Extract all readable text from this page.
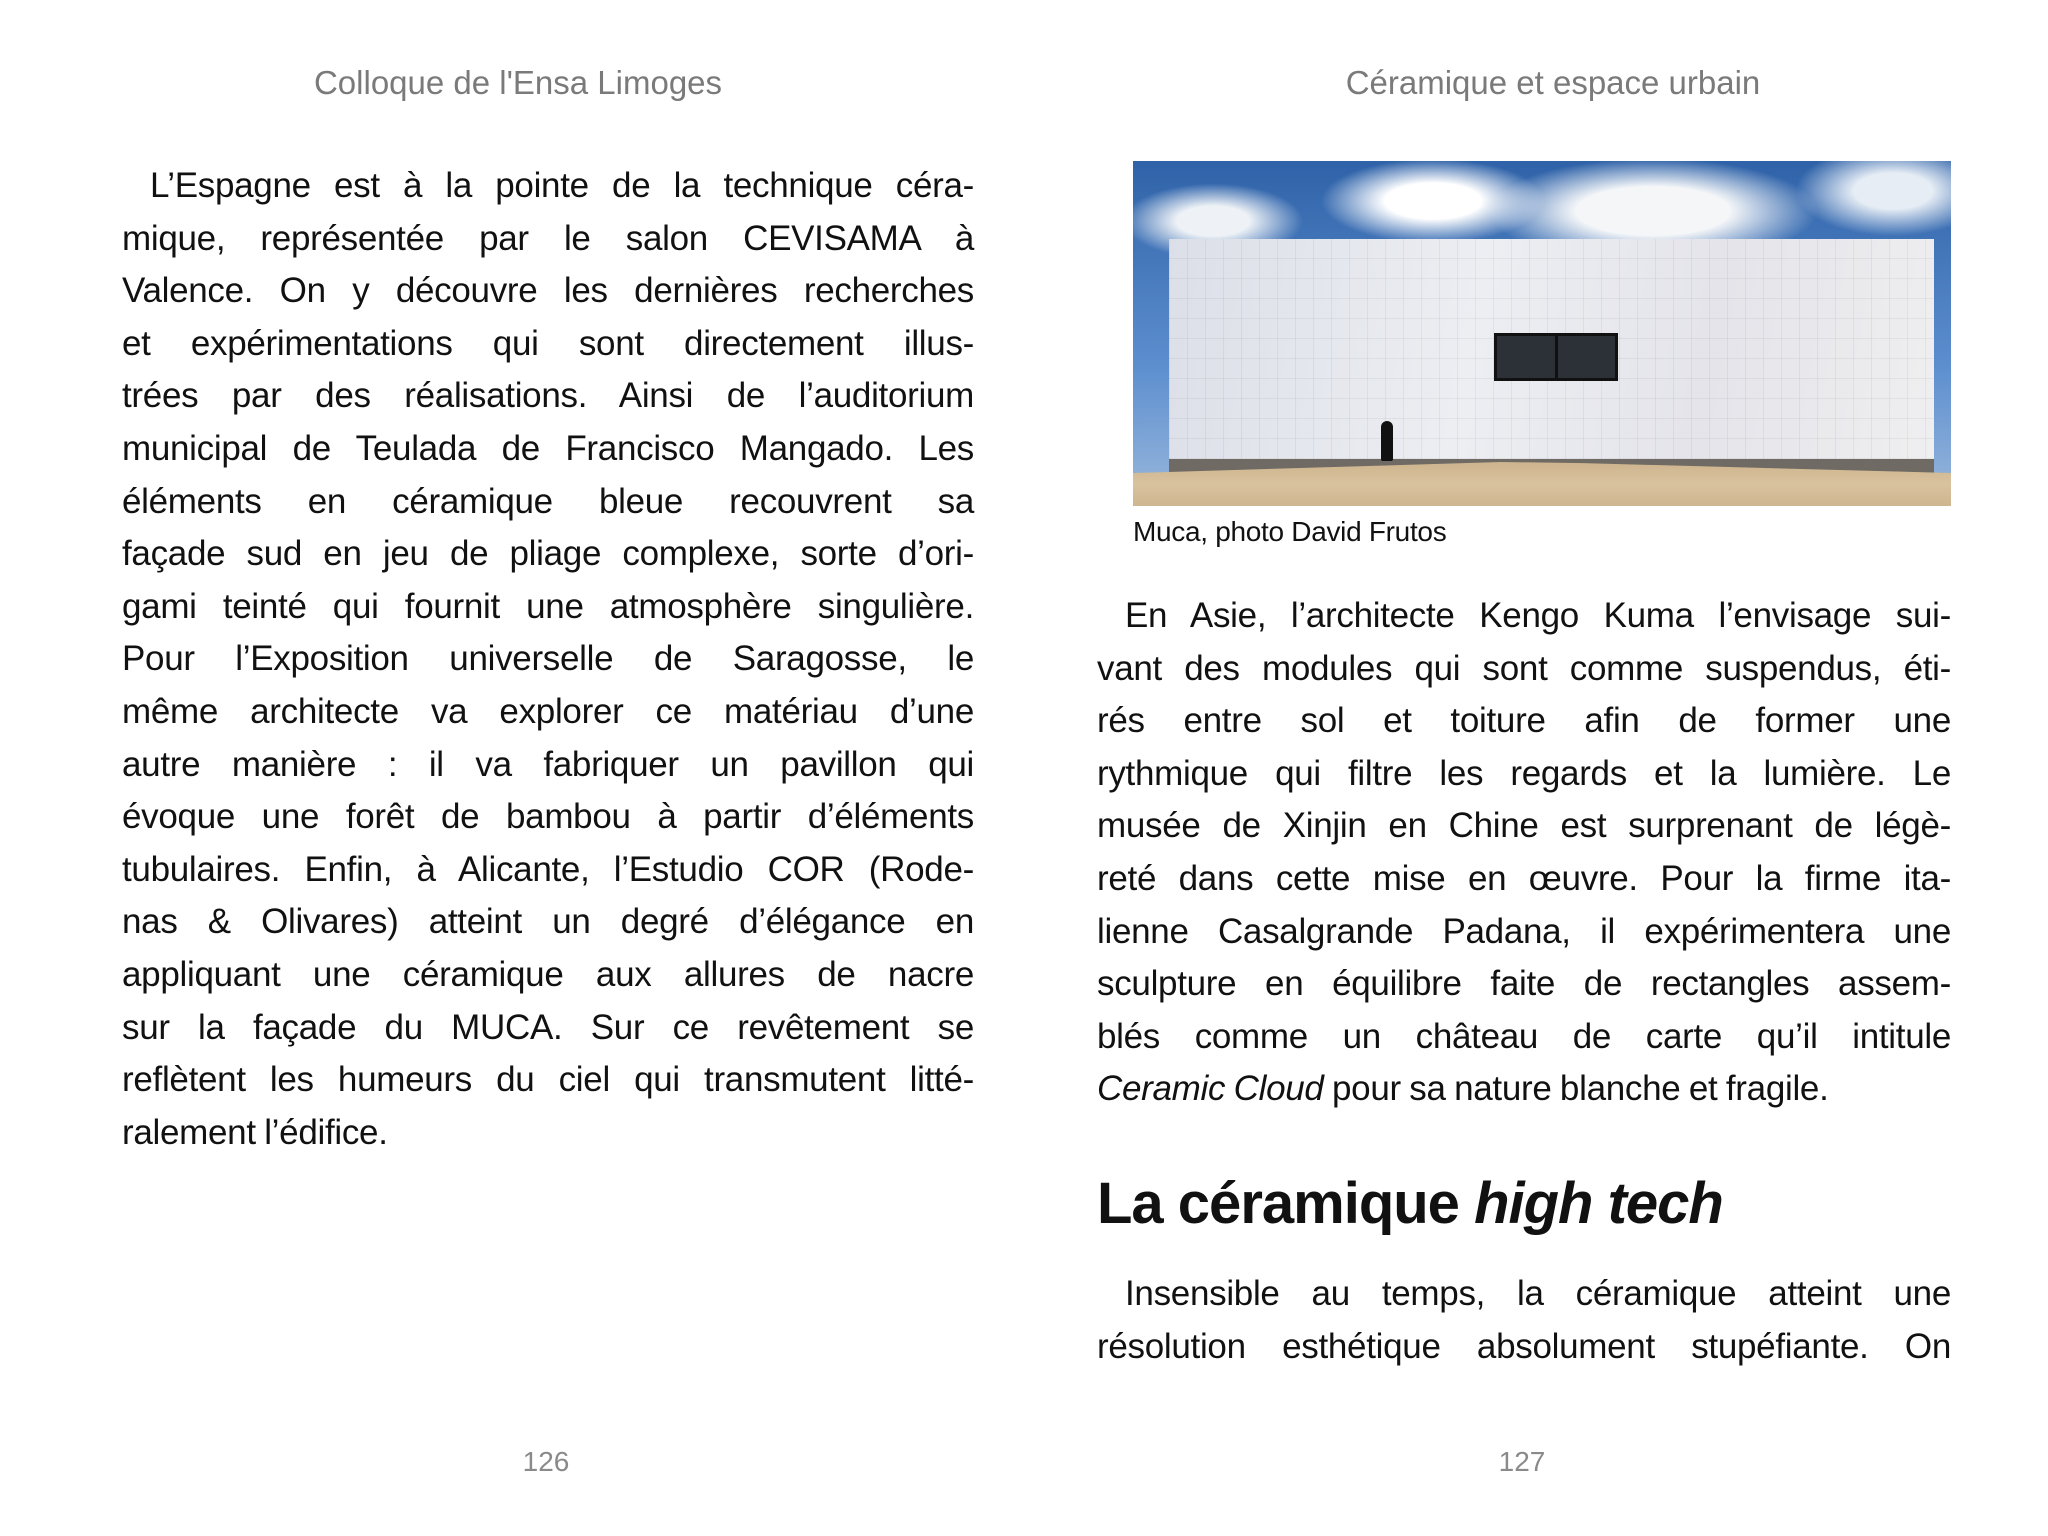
Colloque de l'Ensa Limoges	Céramique et espace urbain
L’Espagne est à la pointe de la technique céra-
mique, représentée par le salon CEVISAMA à
Valence. On y découvre les dernières recherches
et expérimentations qui sont directement illus-
trées par des réalisations. Ainsi de l’auditorium
municipal de Teulada de Francisco Mangado. Les
éléments en céramique bleue recouvrent sa
façade sud en jeu de pliage complexe, sorte d’ori-
gami teinté qui fournit une atmosphère singulière.
Pour l’Exposition universelle de Saragosse, le
même architecte va explorer ce matériau d’une
autre manière : il va fabriquer un pavillon qui
évoque une forêt de bambou à partir d’éléments
tubulaires. Enfin, à Alicante, l’Estudio COR (Rode-
nas & Olivares) atteint un degré d’élégance en
appliquant une céramique aux allures de nacre
sur la façade du MUCA. Sur ce revêtement se
reflètent les humeurs du ciel qui transmutent litté-
ralement l’édifice.
Muca, photo David Frutos
En Asie, l’architecte Kengo Kuma l’envisage sui-
vant des modules qui sont comme suspendus, éti-
rés entre sol et toiture afin de former une
rythmique qui filtre les regards et la lumière. Le
musée de Xinjin en Chine est surprenant de légè-
reté dans cette mise en œuvre. Pour la firme ita-
lienne Casalgrande Padana, il expérimentera une
sculpture en équilibre faite de rectangles assem-
blés comme un château de carte qu’il intitule
Ceramic Cloud pour sa nature blanche et fragile.
La céramique high tech
Insensible au temps, la céramique atteint une
résolution esthétique absolument stupéfiante. On
126	127
